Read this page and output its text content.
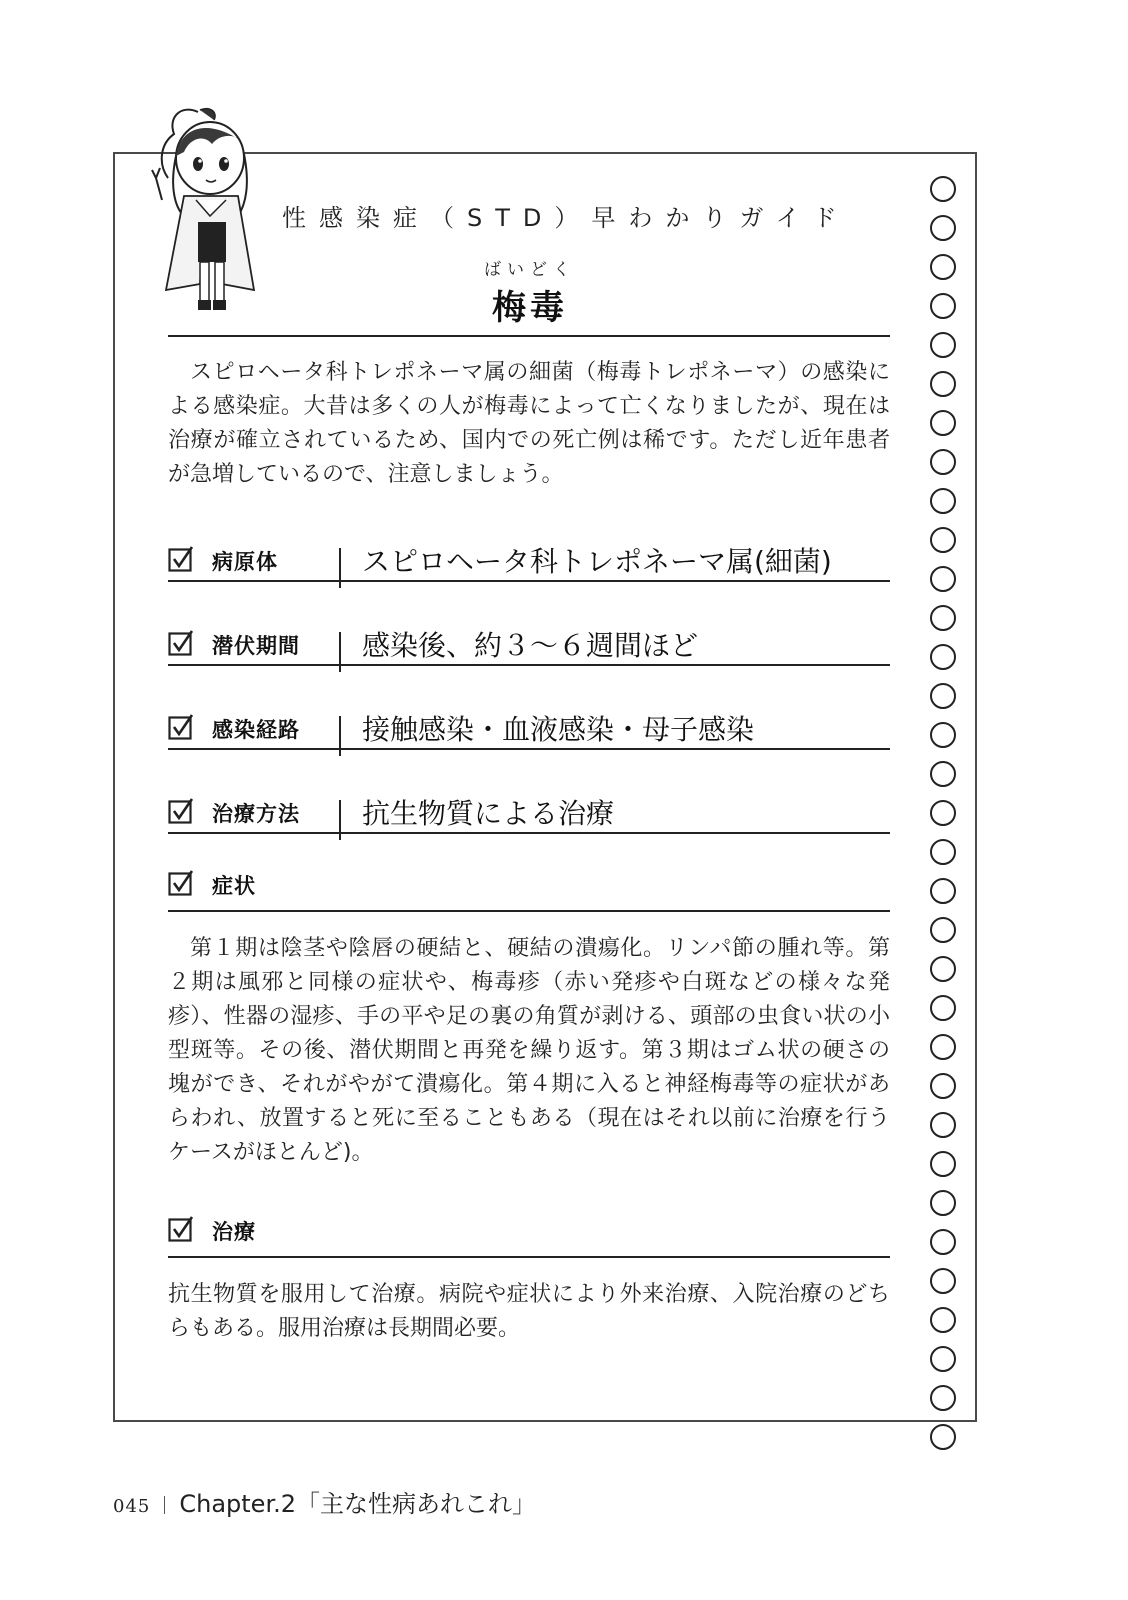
性感染症（STD）早わかりガイド
ばいどく
梅毒
スピロヘータ科トレポネーマ属の細菌（梅毒トレポネーマ）の感染による感染症。大昔は多くの人が梅毒によって亡くなりましたが、現在は治療が確立されているため、国内での死亡例は稀です。ただし近年患者が急増しているので、注意しましょう。
病原体	スピロヘータ科トレポネーマ属(細菌)
潜伏期間 感染後、約３〜６週間ほど
感染経路 接触感染・血液感染・母子感染
治療方法 抗生物質による治療
症状
第１期は陰茎や陰唇の硬結と、硬結の潰瘍化。リンパ節の腫れ等。第２期は風邪と同様の症状や、梅毒疹（赤い発疹や白斑などの様々な発疹）、性器の湿疹、手の平や足の裏の角質が剥ける、頭部の虫食い状の小型斑等。その後、潜伏期間と再発を繰り返す。第３期はゴム状の硬さの塊ができ、それがやがて潰瘍化。第４期に入ると神経梅毒等の症状があらわれ、放置すると死に至ることもある（現在はそれ以前に治療を行うケースがほとんど)。
治療
抗生物質を服用して治療。病院や症状により外来治療、入院治療のどちらもある。服用治療は長期間必要。
045 Chapter.2「主な性病あれこれ」
